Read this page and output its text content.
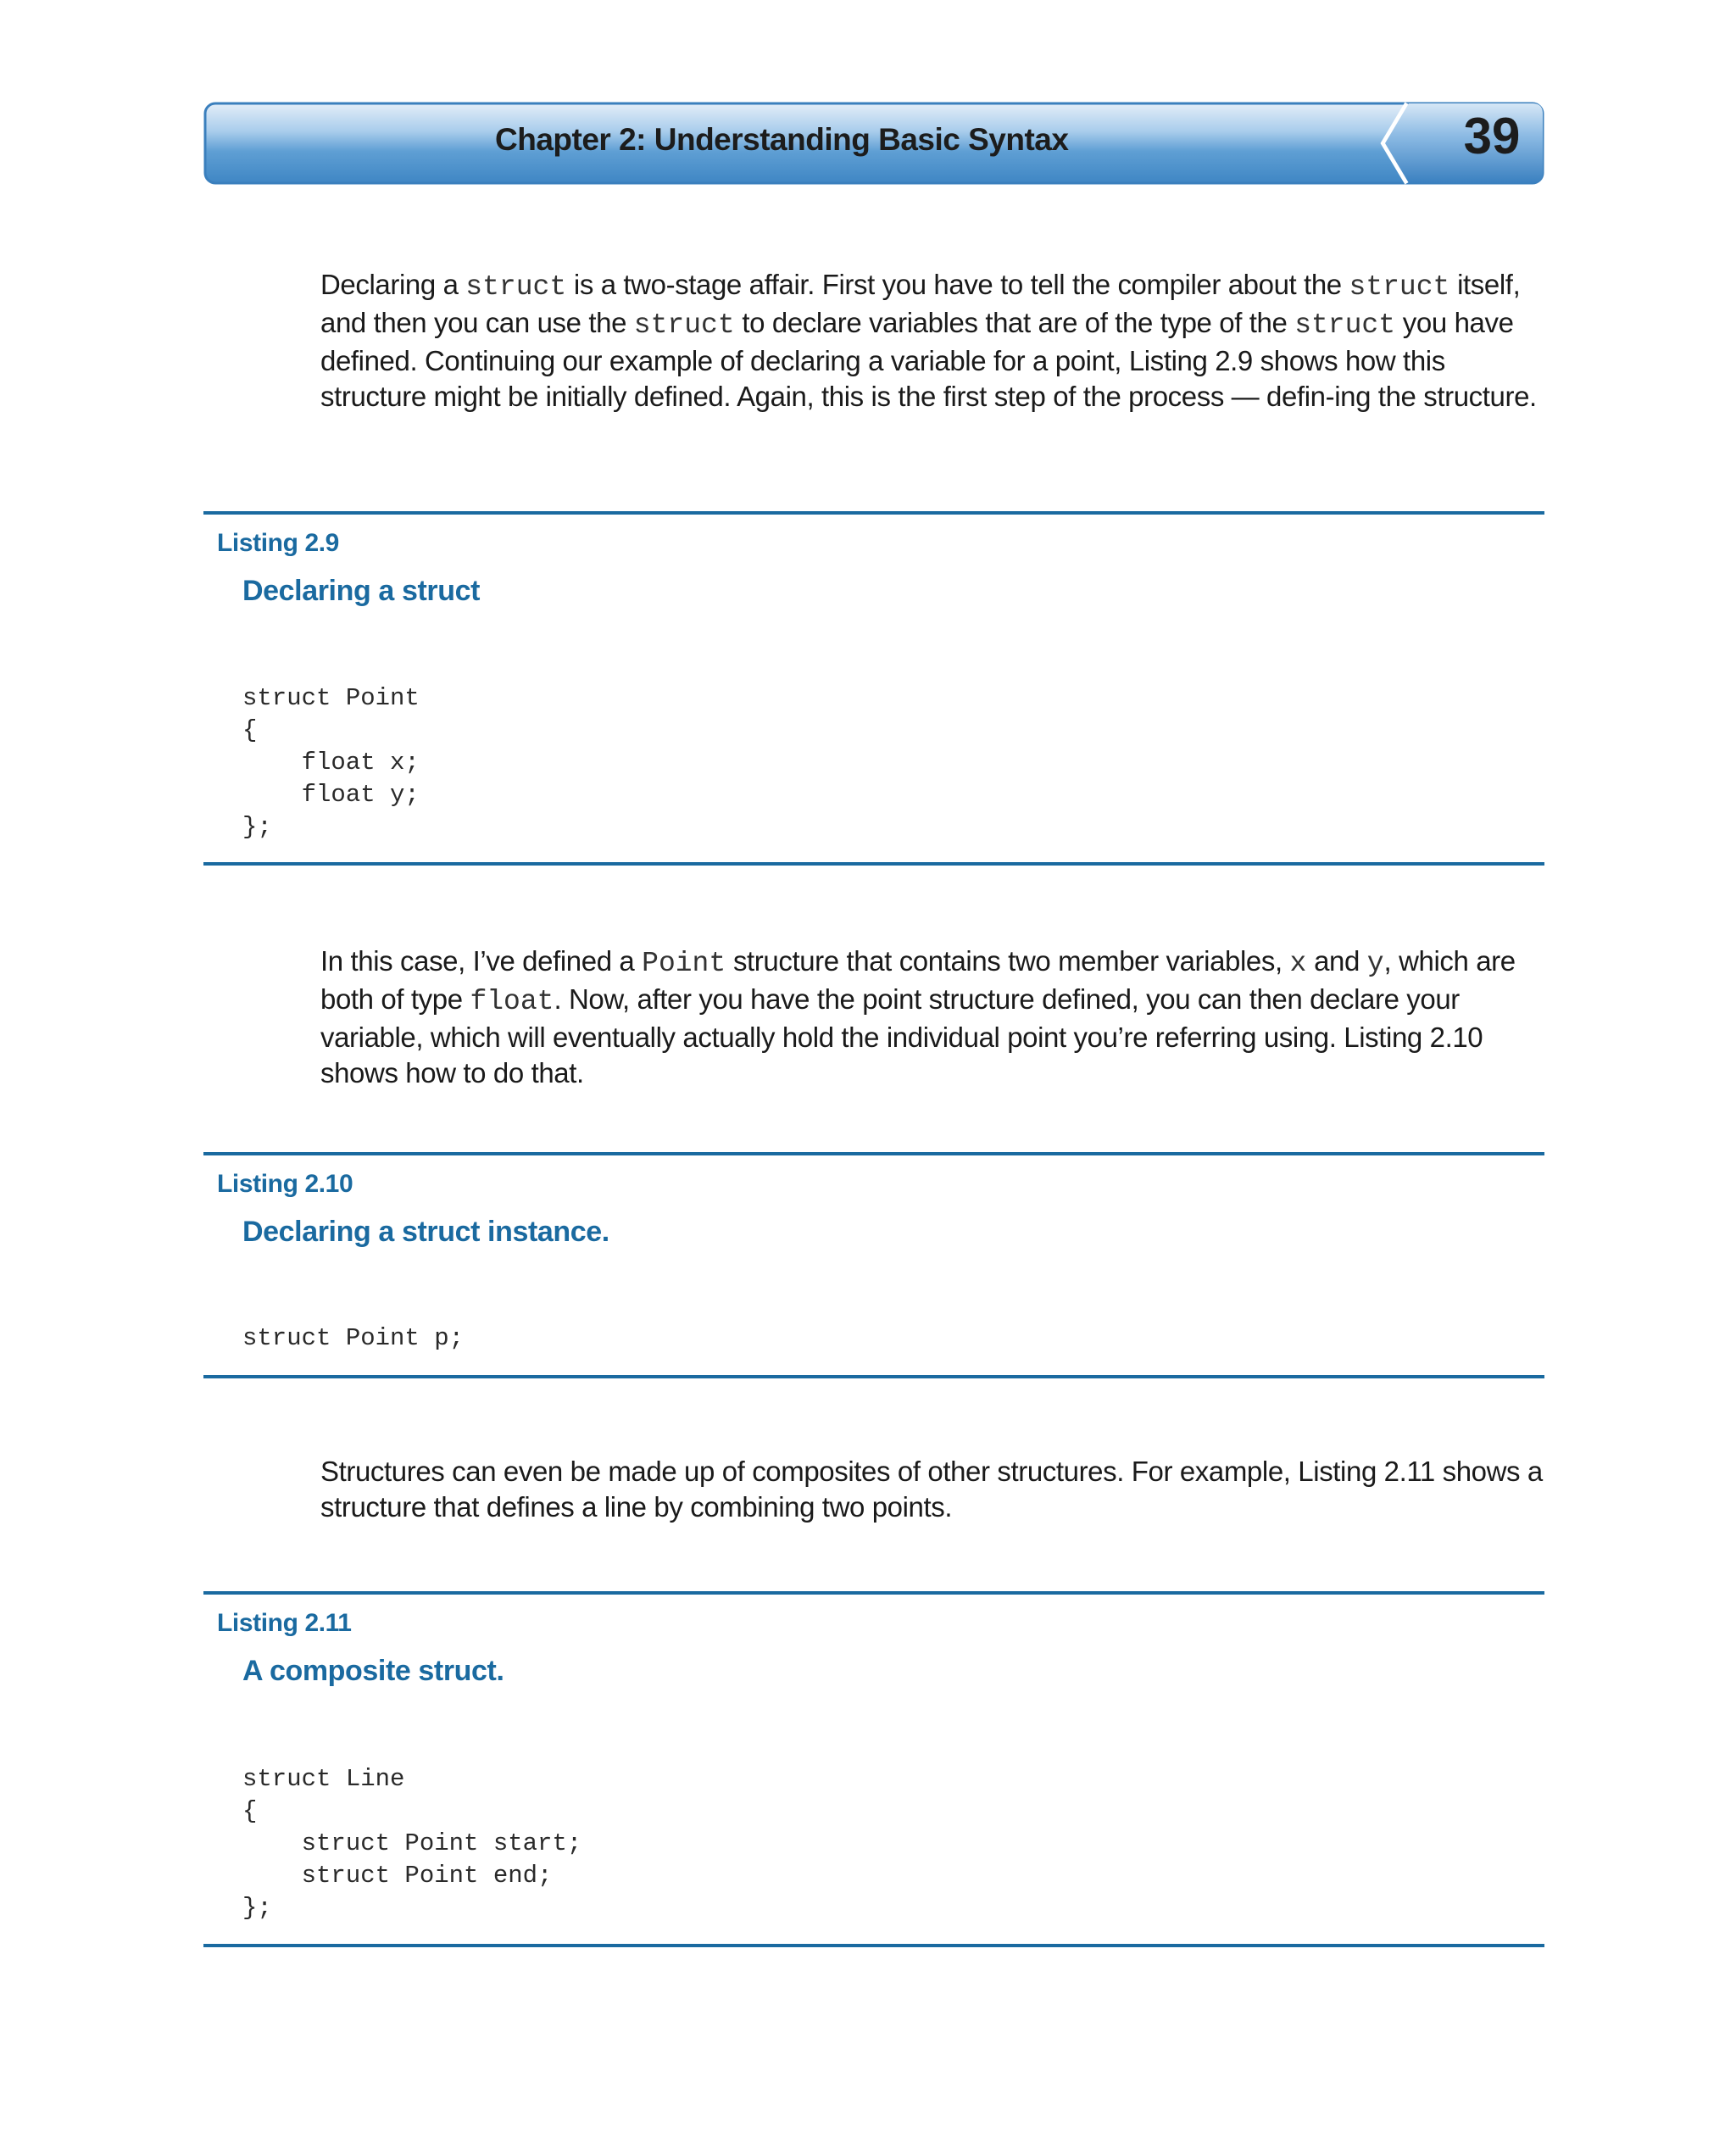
Chapter 2: Understanding Basic Syntax	39

Declaring a struct is a two-stage affair. First you have to tell the compiler about the struct itself, and then you can use the struct to declare variables that are of the type of the struct you have defined. Continuing our example of declaring a variable for a point, Listing 2.9 shows how this structure might be initially defined. Again, this is the first step of the process — defin-ing the structure.

Listing 2.9
Declaring a struct
struct Point
{
float x;
float y;
};

In this case, I’ve defined a Point structure that contains two member variables, x and y, which are both of type float. Now, after you have the point structure defined, you can then declare your variable, which will eventually actually hold the individual point you’re referring using. Listing 2.10 shows how to do that.

Listing 2.10
Declaring a struct instance.
struct Point p;

Structures can even be made up of composites of other structures. For example, Listing 2.11 shows a structure that defines a line by combining two points.

Listing 2.11
A composite struct.
struct Line
{
struct Point start;
struct Point end;
};
